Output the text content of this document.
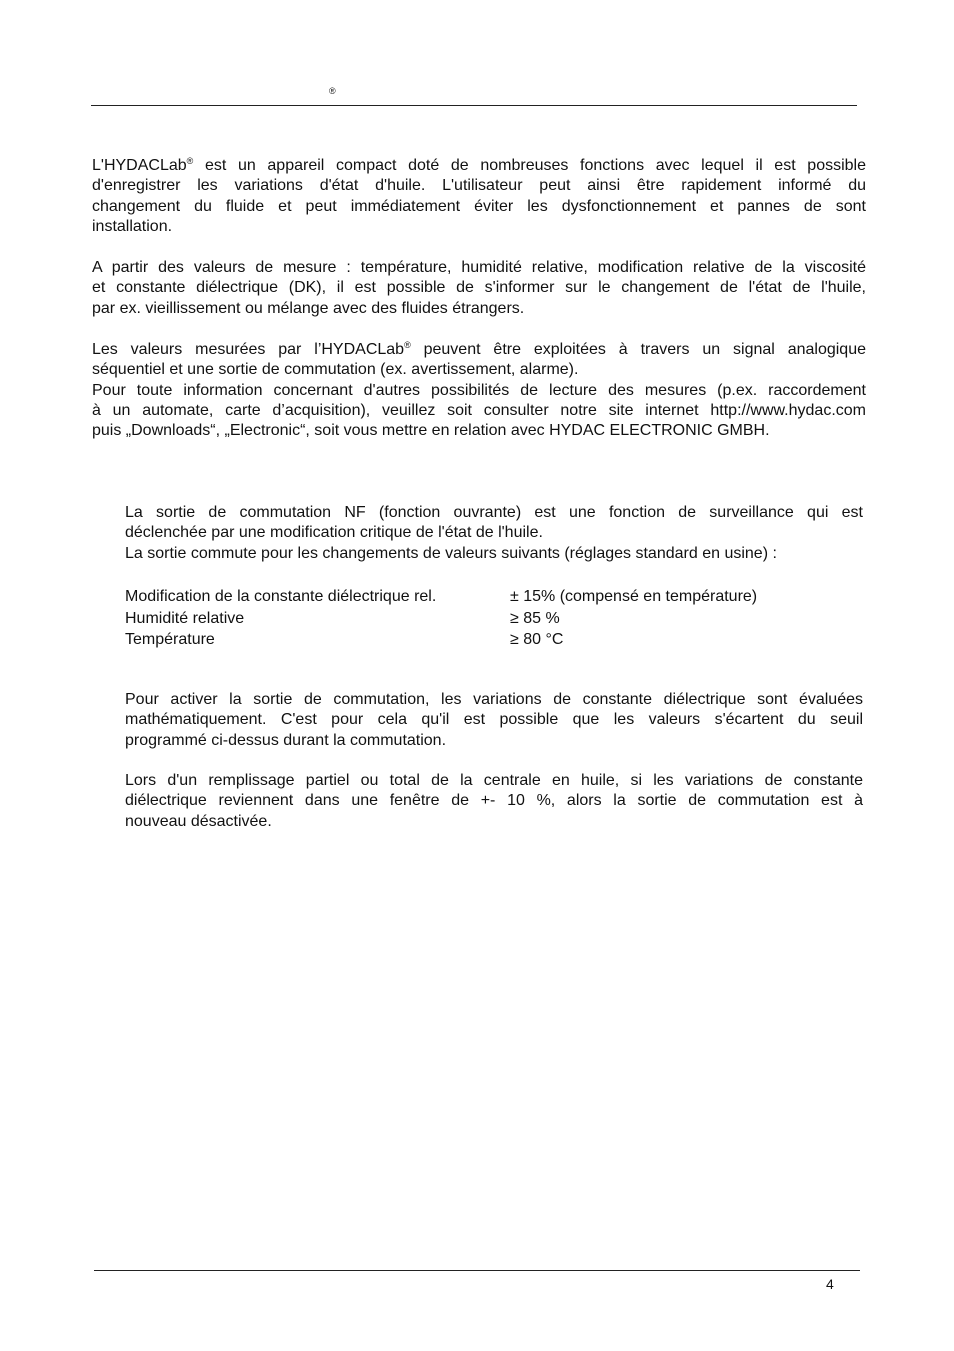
®
L'HYDACLab® est un appareil compact doté de nombreuses fonctions avec lequel il est possible
d'enregistrer les variations d'état d'huile. L'utilisateur peut ainsi être rapidement informé du
changement du fluide et peut immédiatement éviter les dysfonctionnement et pannes de sont
installation.
A partir des valeurs de mesure : température, humidité relative, modification relative de la viscosité
et constante diélectrique (DK), il est possible de s'informer sur le changement de l'état de l'huile,
par ex. vieillissement ou mélange avec des fluides étrangers.
Les valeurs mesurées par l’HYDACLab® peuvent être exploitées à travers un signal analogique
séquentiel et une sortie de commutation (ex. avertissement, alarme).
Pour toute information concernant d'autres possibilités de lecture des mesures (p.ex. raccordement
à un automate, carte d’acquisition), veuillez soit consulter notre site internet http://www.hydac.com
puis „Downloads“, „Electronic“, soit vous mettre en relation avec HYDAC ELECTRONIC GMBH.
La sortie de commutation NF (fonction ouvrante) est une fonction de surveillance qui est
déclenchée par une modification critique de l'état de l'huile.
La sortie commute pour les changements de valeurs suivants (réglages standard en usine) :
Modification de la constante diélectrique rel.	± 15% (compensé en température)
Humidité relative	≥ 85 %
Température	≥ 80 °C
Pour activer la sortie de commutation, les variations de constante diélectrique sont évaluées
mathématiquement. C'est pour cela qu'il est possible que les valeurs s'écartent du seuil
programmé ci-dessus durant la commutation.
Lors d'un remplissage partiel ou total de la centrale en huile, si les variations de constante
diélectrique reviennent dans une fenêtre de +- 10 %, alors la sortie de commutation est à
nouveau désactivée.
4
